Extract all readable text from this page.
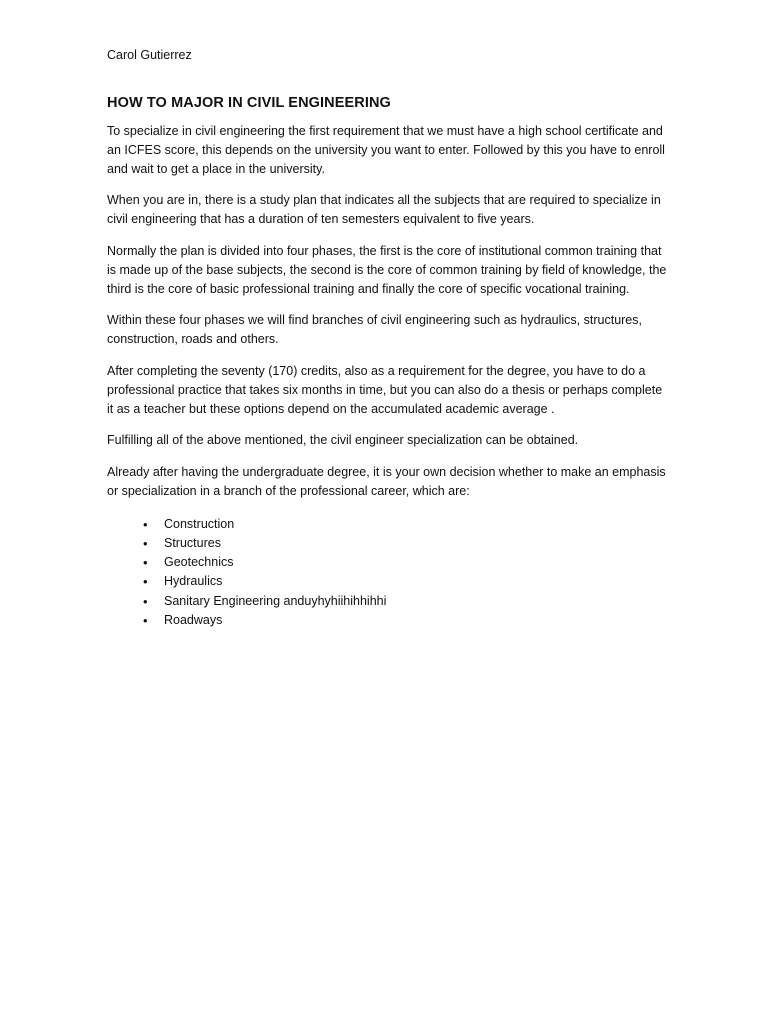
Carol Gutierrez

HOW TO MAJOR IN CIVIL ENGINEERING

To specialize in civil engineering the first requirement that we must have a high school certificate and an ICFES score, this depends on the university you want to enter. Followed by this you have to enroll and wait to get a place in the university.

When you are in, there is a study plan that indicates all the subjects that are required to specialize in civil engineering that has a duration of ten semesters equivalent to five years.

Normally the plan is divided into four phases, the first is the core of institutional common training that is made up of the base subjects, the second is the core of common training by field of knowledge, the third is the core of basic professional training and finally the core of specific vocational training.

Within these four phases we will find branches of civil engineering such as hydraulics, structures, construction, roads and others.

After completing the seventy (170) credits, also as a requirement for the degree, you have to do a professional practice that takes six months in time, but you can also do a thesis or perhaps complete it as a teacher but these options depend on the accumulated academic average .

Fulfilling all of the above mentioned, the civil engineer specialization can be obtained.

Already after having the undergraduate degree, it is your own decision whether to make an emphasis or specialization in a branch of the professional career, which are:

• Construction
• Structures
• Geotechnics
• Hydraulics
• Sanitary Engineering anduyhyhiihihhihhi
• Roadways
